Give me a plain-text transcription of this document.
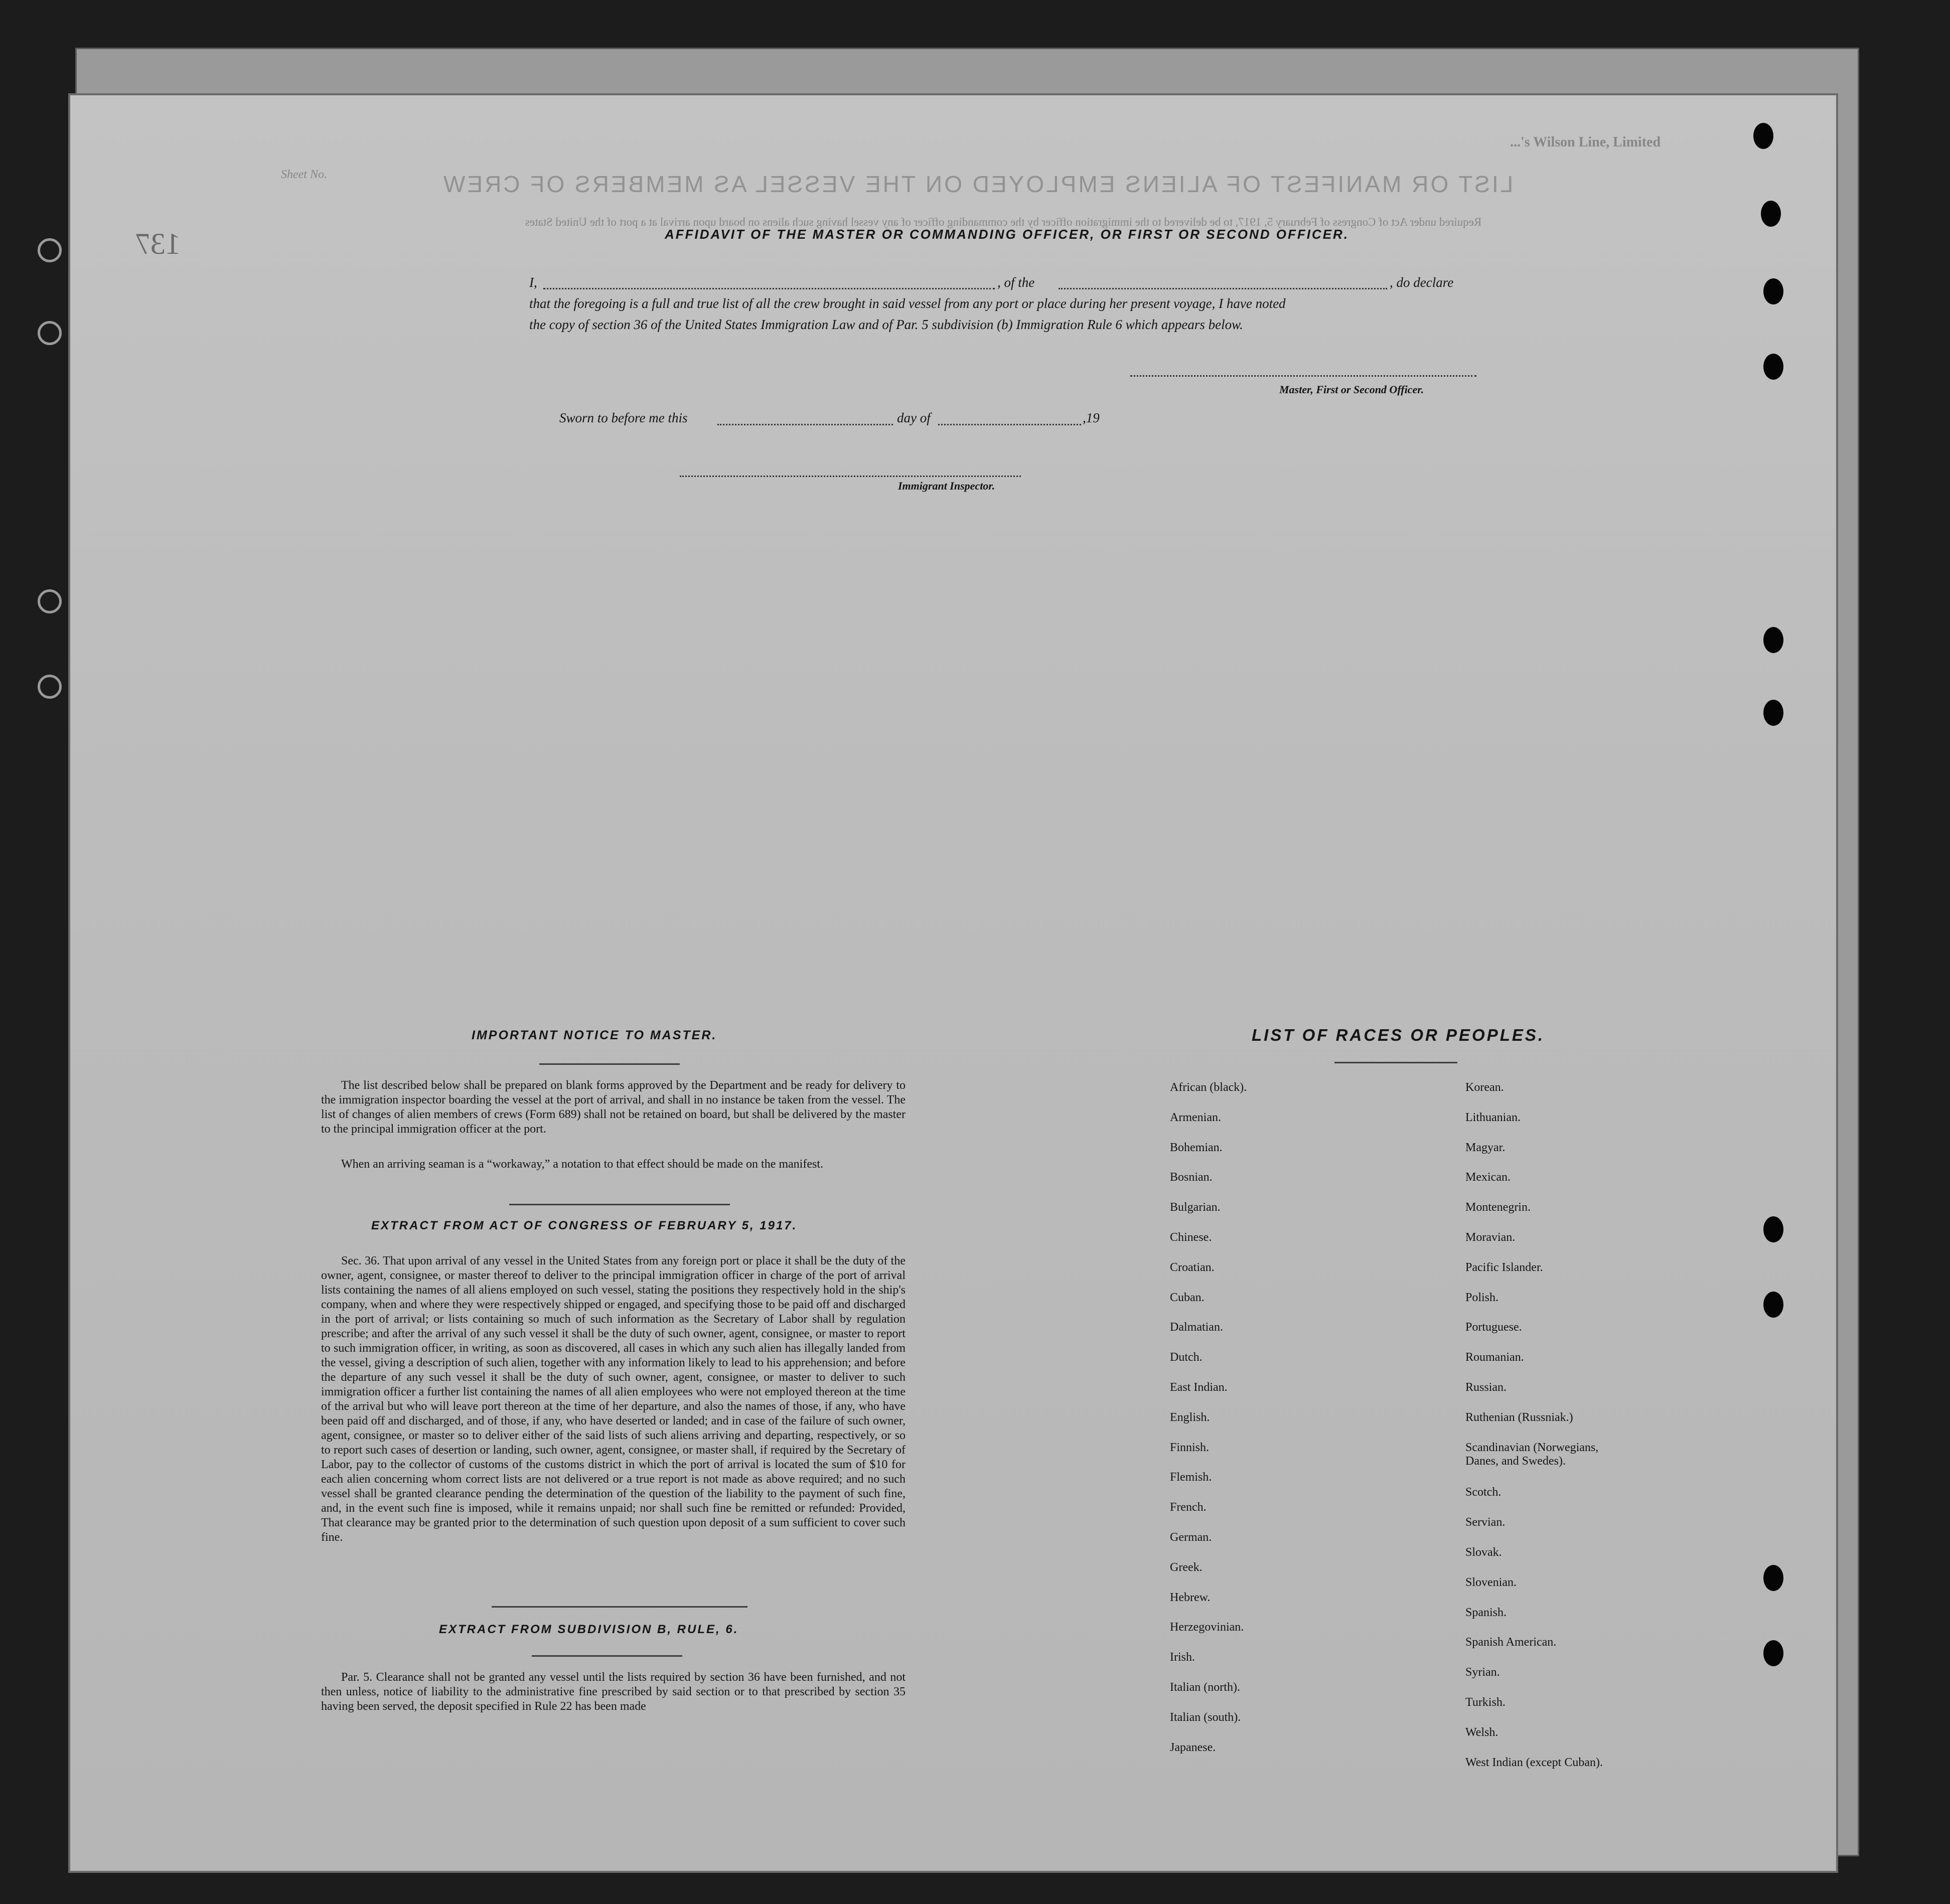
...'s Wilson Line, Limited
Sheet No.	LIST OR MANIFEST OF ALIENS EMPLOYED ON THE VESSEL AS MEMBERS OF CREW
Required under Act of Congress of February 5, 1917, to be delivered to the immigration officer by the commanding officer of any vessel having such aliens on board upon arrival at a port of the United States
137	AFFIDAVIT OF THE MASTER OR COMMANDING OFFICER, OR FIRST OR SECOND OFFICER.
I,	, of the	, do declare
that the foregoing is a full and true list of all the crew brought in said vessel from any port or place during her present voyage, I have noted
the copy of section 36 of the United States Immigration Law and of Par. 5 subdivision (b) Immigration Rule 6 which appears below.
Master, First or Second Officer.
Sworn to before me this	day of	,19
Immigrant Inspector.
IMPORTANT NOTICE TO MASTER.

The list described below shall be prepared on blank forms approved by the Department and be ready for delivery to the immigration inspector boarding the vessel at the port of arrival, and shall in no instance be taken from the vessel. The list of changes of alien members of crews (Form 689) shall not be retained on board, but shall be delivered by the master to the principal immigration officer at the port.

When an arriving seaman is a “workaway,” a notation to that effect should be made on the manifest.

EXTRACT FROM ACT OF CONGRESS OF FEBRUARY 5, 1917.

Sec. 36. That upon arrival of any vessel in the United States from any foreign port or place it shall be the duty of the owner, agent, consignee, or master thereof to deliver to the principal immigration officer in charge of the port of arrival lists containing the names of all aliens employed on such vessel, stating the positions they respectively hold in the ship's company, when and where they were respectively shipped or engaged, and specifying those to be paid off and discharged in the port of arrival; or lists containing so much of such information as the Secretary of Labor shall by regulation prescribe; and after the arrival of any such vessel it shall be the duty of such owner, agent, consignee, or master to report to such immigration officer, in writing, as soon as discovered, all cases in which any such alien has illegally landed from the vessel, giving a description of such alien, together with any information likely to lead to his apprehension; and before the departure of any such vessel it shall be the duty of such owner, agent, consignee, or master to deliver to such immigration officer a further list containing the names of all alien employees who were not employed thereon at the time of the arrival but who will leave port thereon at the time of her departure, and also the names of those, if any, who have been paid off and discharged, and of those, if any, who have deserted or landed; and in case of the failure of such owner, agent, consignee, or master so to deliver either of the said lists of such aliens arriving and departing, respectively, or so to report such cases of desertion or landing, such owner, agent, consignee, or master shall, if required by the Secretary of Labor, pay to the collector of customs of the customs district in which the port of arrival is located the sum of $10 for each alien concerning whom correct lists are not delivered or a true report is not made as above required; and no such vessel shall be granted clearance pending the determination of the question of the liability to the payment of such fine, and, in the event such fine is imposed, while it remains unpaid; nor shall such fine be remitted or refunded: Provided, That clearance may be granted prior to the determination of such question upon deposit of a sum sufficient to cover such fine.

EXTRACT FROM SUBDIVISION B, RULE, 6.

Par. 5. Clearance shall not be granted any vessel until the lists required by section 36 have been furnished, and not then unless, notice of liability to the administrative fine prescribed by said section or to that prescribed by section 35 having been served, the deposit specified in Rule 22 has been made

LIST OF RACES OR PEOPLES.
African (black).
Armenian.
Bohemian.
Bosnian.
Bulgarian.
Chinese.
Croatian.
Cuban.
Dalmatian.
Dutch.
East Indian.
English.
Finnish.
Flemish.
French.
German.
Greek.
Hebrew.
Herzegovinian.
Irish.
Italian (north).
Italian (south).
Japanese.
Korean.
Lithuanian.
Magyar.
Mexican.
Montenegrin.
Moravian.
Pacific Islander.
Polish.
Portuguese.
Roumanian.
Russian.
Ruthenian (Russniak.)
Scandinavian (Norwegians, Danes, and Swedes).
Scotch.
Servian.
Slovak.
Slovenian.
Spanish.
Spanish American.
Syrian.
Turkish.
Welsh.
West Indian (except Cuban).
